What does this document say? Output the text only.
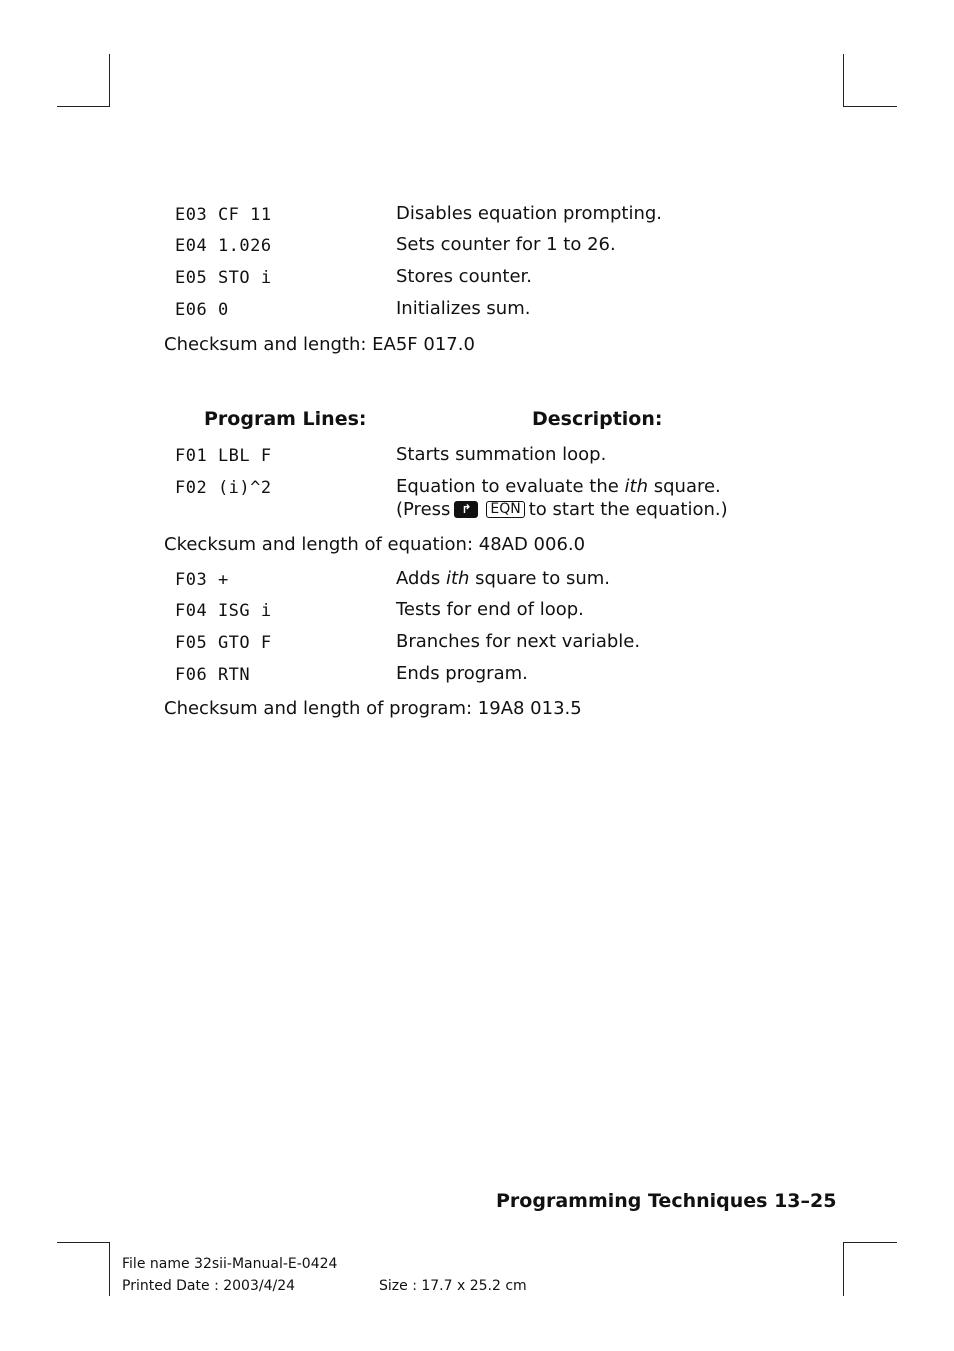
E03 CF 11	Disables equation prompting.
E04 1.026	Sets counter for 1 to 26.
E05 STO i	Stores counter.
E06 0	Initializes sum.
Checksum and length: EA5F 017.0
Program Lines:	Description:
F01 LBL F	Starts summation loop.
F02 (i)^2	Equation to evaluate the ith square.
(Press ↱ EQN to start the equation.)
Ckecksum and length of equation: 48AD 006.0
F03 +	Adds ith square to sum.
F04 ISG i	Tests for end of loop.
F05 GTO F	Branches for next variable.
F06 RTN	Ends program.
Checksum and length of program: 19A8 013.5
Programming Techniques 13–25
File name 32sii-Manual-E-0424
Printed Date : 2003/4/24	Size : 17.7 x 25.2 cm
